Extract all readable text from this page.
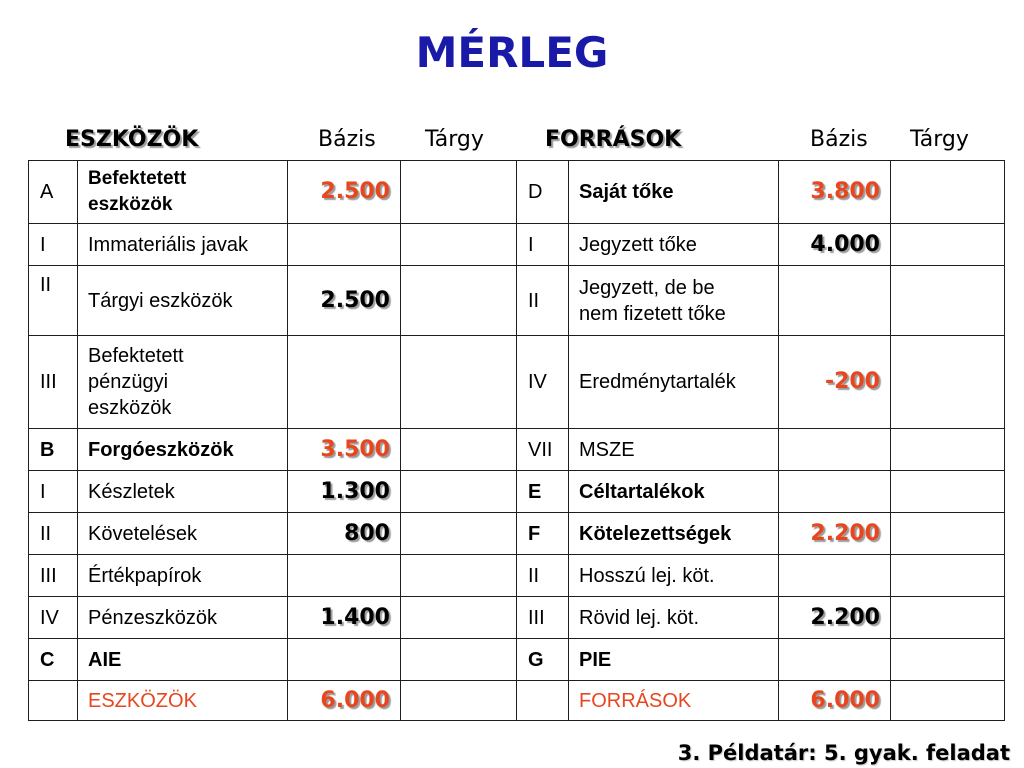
MÉRLEG
ESZKÖZÖK	Bázis Tárgy	FORRÁSOK	Bázis Tárgy
A	Befektetett eszközök	2.500		D	Saját tőke	3.800	
I	Immateriális javak			I	Jegyzett tőke	4.000	
II	Tárgyi eszközök	2.500		II	Jegyzett, de be nem fizetett tőke		
III	Befektetett pénzügyi eszközök			IV	Eredménytartalék	-200	
B	Forgóeszközök	3.500		VII	MSZE		
I	Készletek	1.300		E	Céltartalékok		
II	Követelések	800		F	Kötelezettségek	2.200	
III	Értékpapírok			II	Hosszú lej. köt.		
IV	Pénzeszközök	1.400		III	Rövid lej. köt.	2.200	
C	AIE			G	PIE		
	ESZKÖZÖK	6.000			FORRÁSOK	6.000	
3. Példatár: 5. gyak. feladat
